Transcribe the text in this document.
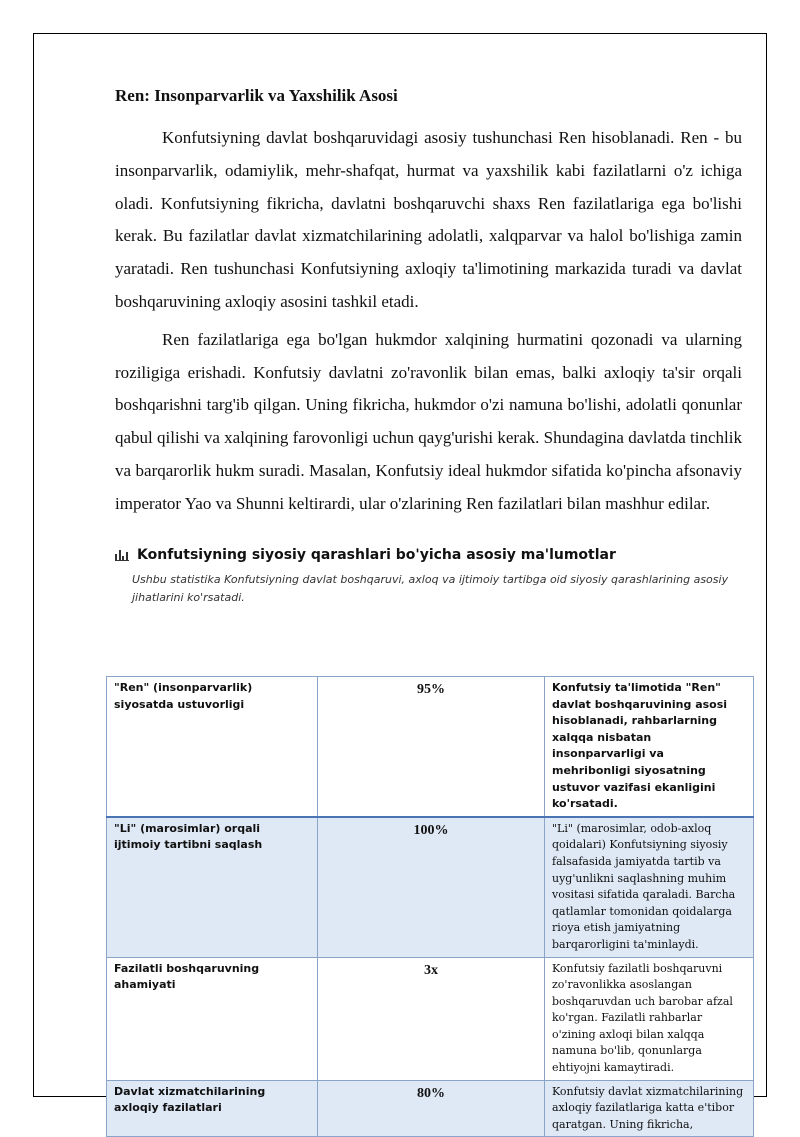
Ren: Insonparvarlik va Yaxshilik Asosi

Konfutsiyning davlat boshqaruvidagi asosiy tushunchasi Ren hisoblanadi. Ren - bu insonparvarlik, odamiylik, mehr-shafqat, hurmat va yaxshilik kabi fazilatlarni o'z ichiga oladi. Konfutsiyning fikricha, davlatni boshqaruvchi shaxs Ren fazilatlariga ega bo'lishi kerak. Bu fazilatlar davlat xizmatchilarining adolatli, xalqparvar va halol bo'lishiga zamin yaratadi. Ren tushunchasi Konfutsiyning axloqiy ta'limotining markazida turadi va davlat boshqaruvining axloqiy asosini tashkil etadi.

Ren fazilatlariga ega bo'lgan hukmdor xalqining hurmatini qozonadi va ularning roziligiga erishadi. Konfutsiy davlatni zo'ravonlik bilan emas, balki axloqiy ta'sir orqali boshqarishni targ'ib qilgan. Uning fikricha, hukmdor o'zi namuna bo'lishi, adolatli qonunlar qabul qilishi va xalqining farovonligi uchun qayg'urishi kerak. Shundagina davlatda tinchlik va barqarorlik hukm suradi. Masalan, Konfutsiy ideal hukmdor sifatida ko'pincha afsonaviy imperator Yao va Shunni keltirardi, ular o'zlarining Ren fazilatlari bilan mashhur edilar.

Konfutsiyning siyosiy qarashlari bo'yicha asosiy ma'lumotlar
Ushbu statistika Konfutsiyning davlat boshqaruvi, axloq va ijtimoiy tartibga oid siyosiy qarashlarining asosiy jihatlarini ko'rsatadi.
"Ren" (insonparvarlik) siyosatda ustuvorligi	95%	Konfutsiy ta'limotida "Ren" davlat boshqaruvining asosi hisoblanadi, rahbarlarning xalqqa nisbatan insonparvarligi va mehribonligi siyosatning ustuvor vazifasi ekanligini ko'rsatadi.
"Li" (marosimlar) orqali ijtimoiy tartibni saqlash	100%	"Li" (marosimlar, odob-axloq qoidalari) Konfutsiyning siyosiy falsafasida jamiyatda tartib va uyg'unlikni saqlashning muhim vositasi sifatida qaraladi. Barcha qatlamlar tomonidan qoidalarga rioya etish jamiyatning barqarorligini ta'minlaydi.
Fazilatli boshqaruvning ahamiyati	3x	Konfutsiy fazilatli boshqaruvni zo'ravonlikka asoslangan boshqaruvdan uch barobar afzal ko'rgan. Fazilatli rahbarlar o'zining axloqi bilan xalqqa namuna bo'lib, qonunlarga ehtiyojni kamaytiradi.
Davlat xizmatchilarining axloqiy fazilatlari	80%	Konfutsiy davlat xizmatchilarining axloqiy fazilatlariga katta e'tibor qaratgan. Uning fikricha,
